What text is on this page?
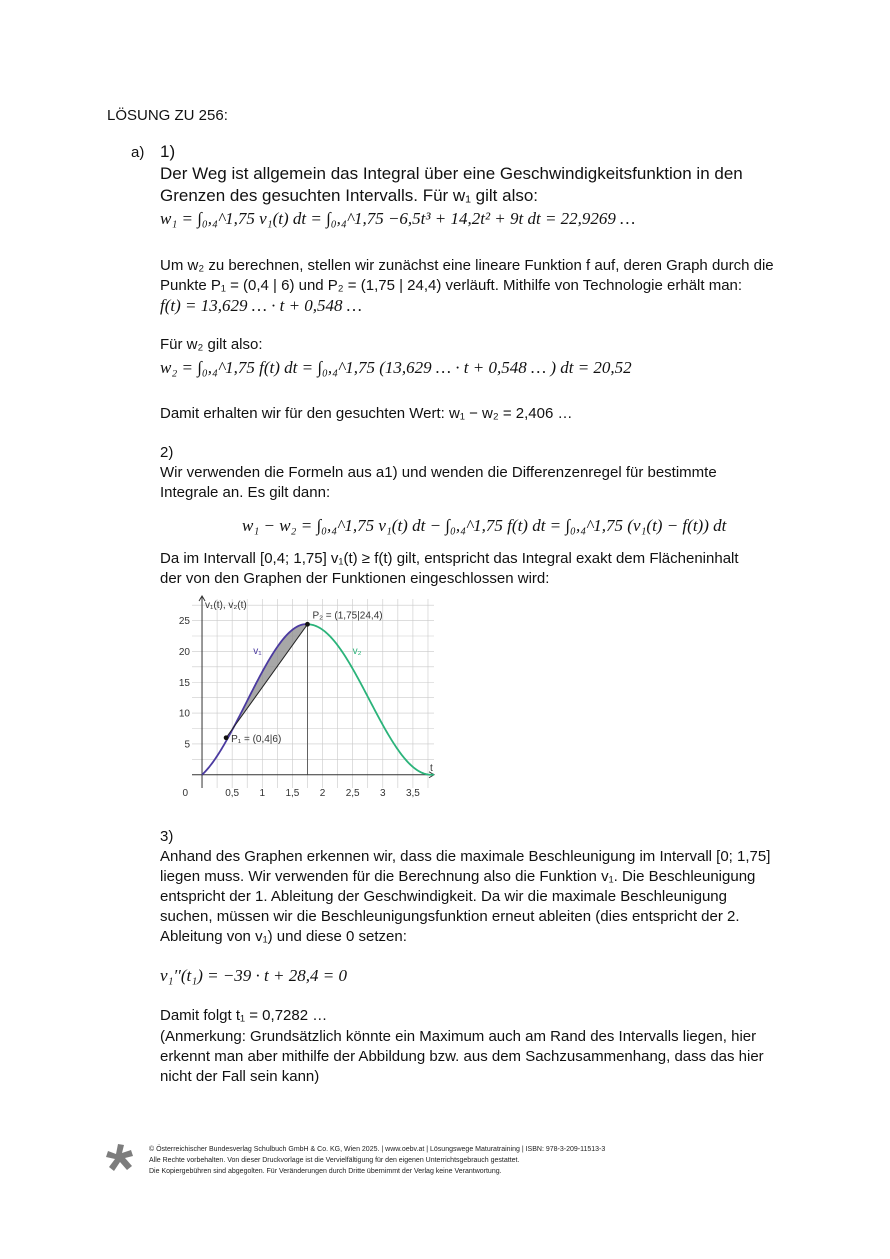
LÖSUNG ZU 256:
a) 1)
Der Weg ist allgemein das Integral über eine Geschwindigkeitsfunktion in den
Grenzen des gesuchten Intervalls. Für w₁ gilt also:
w₁ = ∫₀,₄^1,75 v₁(t) dt = ∫₀,₄^1,75 −6,5t³ + 14,2t² + 9t dt = 22,9269 …
Um w₂ zu berechnen, stellen wir zunächst eine lineare Funktion f auf, deren Graph durch die
Punkte P₁ = (0,4 | 6) und P₂ = (1,75 | 24,4) verläuft. Mithilfe von Technologie erhält man:
f(t) = 13,629 … · t + 0,548 …
Für w₂ gilt also:
w₂ = ∫₀,₄^1,75 f(t) dt = ∫₀,₄^1,75 (13,629 … · t + 0,548 … ) dt = 20,52
Damit erhalten wir für den gesuchten Wert: w₁ − w₂ = 2,406 …
2)
Wir verwenden die Formeln aus a1) und wenden die Differenzenregel für bestimmte
Integrale an. Es gilt dann:
w₁ − w₂ = ∫₀,₄^1,75 v₁(t) dt − ∫₀,₄^1,75 f(t) dt = ∫₀,₄^1,75 (v₁(t) − f(t)) dt
Da im Intervall [0,4; 1,75] v₁(t) ≥ f(t) gilt, entspricht das Integral exakt dem Flächeninhalt
der von den Graphen der Funktionen eingeschlossen wird:
0,5 1 1,5 2 2,5 3 3,5
5
10
15
20
25
0
v₁(t), v₂(t)
t
v₁	v₂
P₁ = (0,4|6)
P₂ = (1,75|24,4)
3)
Anhand des Graphen erkennen wir, dass die maximale Beschleunigung im Intervall [0; 1,75]
liegen muss. Wir verwenden für die Berechnung also die Funktion v₁. Die Beschleunigung
entspricht der 1. Ableitung der Geschwindigkeit. Da wir die maximale Beschleunigung
suchen, müssen wir die Beschleunigungsfunktion erneut ableiten (dies entspricht der 2.
Ableitung von v₁) und diese 0 setzen:
v₁′′(t₁) = −39 · t + 28,4 = 0
Damit folgt t₁ = 0,7282 …
(Anmerkung: Grundsätzlich könnte ein Maximum auch am Rand des Intervalls liegen, hier
erkennt man aber mithilfe der Abbildung bzw. aus dem Sachzusammenhang, dass das hier
nicht der Fall sein kann)
© Österreichischer Bundesverlag Schulbuch GmbH & Co. KG, Wien 2025. | www.oebv.at | Lösungswege Maturatraining | ISBN: 978-3-209-11513-3
Alle Rechte vorbehalten. Von dieser Druckvorlage ist die Vervielfältigung für den eigenen Unterrichtsgebrauch gestattet.
Die Kopiergebühren sind abgegolten. Für Veränderungen durch Dritte übernimmt der Verlag keine Verantwortung.
